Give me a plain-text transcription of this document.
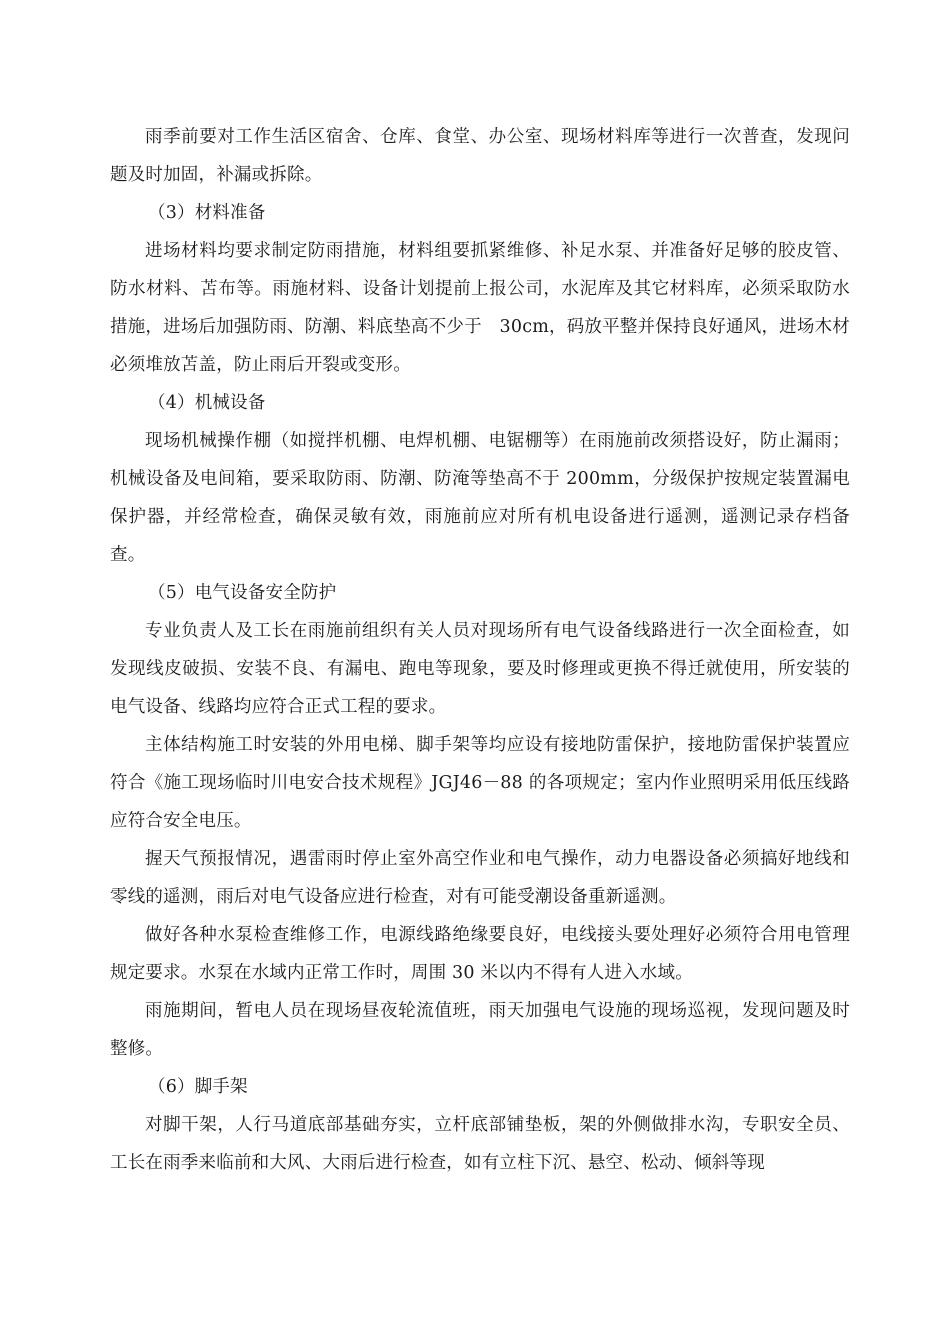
雨季前要对工作生活区宿舍、仓库、食堂、办公室、现场材料库等进行一次普查，发现问题及时加固，补漏或拆除。

（3）材料准备

进场材料均要求制定防雨措施，材料组要抓紧维修、补足水泵、并准备好足够的胶皮管、防水材料、苫布等。雨施材料、设备计划提前上报公司，水泥库及其它材料库，必须采取防水措施，进场后加强防雨、防潮、料底垫高不少于　30cm，码放平整并保持良好通风，进场木材必须堆放苫盖，防止雨后开裂或变形。

（4）机械设备

现场机械操作棚（如搅拌机棚、电焊机棚、电锯棚等）在雨施前改须搭设好，防止漏雨；机械设备及电间箱，要采取防雨、防潮、防淹等垫高不于 200mm，分级保护按规定装置漏电保护器，并经常检查，确保灵敏有效，雨施前应对所有机电设备进行遥测，遥测记录存档备查。

（5）电气设备安全防护

专业负责人及工长在雨施前组织有关人员对现场所有电气设备线路进行一次全面检查，如发现线皮破损、安装不良、有漏电、跑电等现象，要及时修理或更换不得迁就使用，所安装的电气设备、线路均应符合正式工程的要求。

主体结构施工时安装的外用电梯、脚手架等均应设有接地防雷保护，接地防雷保护装置应符合《施工现场临时川电安合技术规程》JGJ46－88 的各项规定；室内作业照明采用低压线路应符合安全电压。

握天气预报情况，遇雷雨时停止室外高空作业和电气操作，动力电器设备必须搞好地线和零线的遥测，雨后对电气设备应进行检查，对有可能受潮设备重新遥测。

做好各种水泵检查维修工作，电源线路绝缘要良好，电线接头要处理好必须符合用电管理规定要求。水泵在水域内正常工作时，周围 30 米以内不得有人进入水域。

雨施期间，暂电人员在现场昼夜轮流值班，雨天加强电气设施的现场巡视，发现问题及时整修。

（6）脚手架

对脚干架，人行马道底部基础夯实，立杆底部铺垫板，架的外侧做排水沟，专职安全员、工长在雨季来临前和大风、大雨后进行检查，如有立柱下沉、悬空、松动、倾斜等现
